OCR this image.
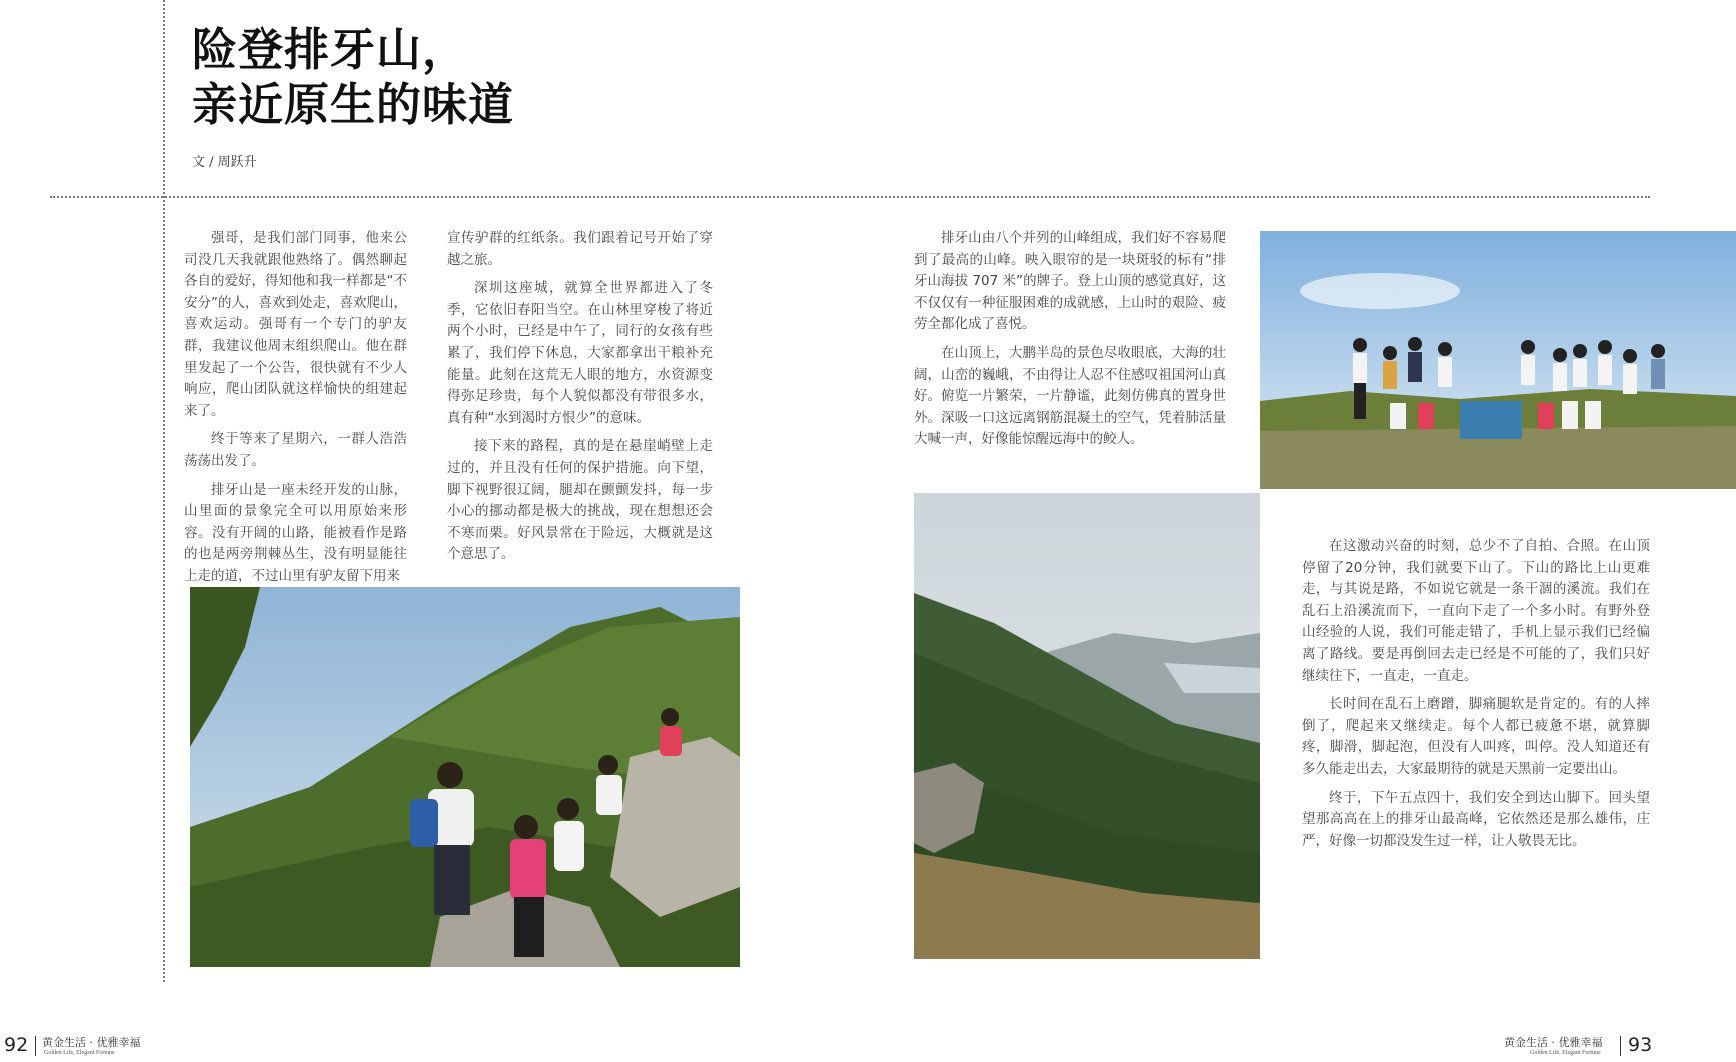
险登排牙山，
亲近原生的味道
文 / 周跃升

强哥，是我们部门同事，他来公司没几天我就跟他熟络了。偶然聊起各自的爱好，得知他和我一样都是“不安分”的人，喜欢到处走，喜欢爬山，喜欢运动。强哥有一个专门的驴友群，我建议他周末组织爬山。他在群里发起了一个公告，很快就有不少人响应，爬山团队就这样愉快的组建起来了。

终于等来了星期六，一群人浩浩荡荡出发了。

排牙山是一座未经开发的山脉，山里面的景象完全可以用原始来形容。没有开阔的山路，能被看作是路的也是两旁荆棘丛生，没有明显能往上走的道，不过山里有驴友留下用来

宣传驴群的红纸条。我们跟着记号开始了穿越之旅。

深圳这座城，就算全世界都进入了冬季，它依旧春阳当空。在山林里穿梭了将近两个小时，已经是中午了，同行的女孩有些累了，我们停下休息，大家都拿出干粮补充能量。此刻在这荒无人眼的地方，水资源变得弥足珍贵，每个人貌似都没有带很多水，真有种“水到渴时方恨少”的意味。

接下来的路程，真的是在悬崖峭壁上走过的，并且没有任何的保护措施。向下望，脚下视野很辽阔，腿却在颤颤发抖，每一步小心的挪动都是极大的挑战，现在想想还会不寒而栗。好风景常在于险远，大概就是这个意思了。

排牙山由八个并列的山峰组成，我们好不容易爬到了最高的山峰。映入眼帘的是一块斑驳的标有“排牙山海拔 707 米”的牌子。登上山顶的感觉真好，这不仅仅有一种征服困难的成就感，上山时的艰险、疲劳全都化成了喜悦。

在山顶上，大鹏半岛的景色尽收眼底，大海的壮阔，山峦的巍峨，不由得让人忍不住感叹祖国河山真好。俯览一片繁荣，一片静谧，此刻仿佛真的置身世外。深吸一口这远离钢筋混凝土的空气，凭着肺活量大喊一声，好像能惊醒远海中的鲛人。

在这激动兴奋的时刻，总少不了自拍、合照。在山顶停留了20分钟，我们就要下山了。下山的路比上山更难走，与其说是路，不如说它就是一条干涸的溪流。我们在乱石上沿溪流而下，一直向下走了一个多小时。有野外登山经验的人说，我们可能走错了，手机上显示我们已经偏离了路线。要是再倒回去走已经是不可能的了，我们只好继续往下，一直走，一直走。

长时间在乱石上磨蹭，脚痛腿软是肯定的。有的人摔倒了，爬起来又继续走。每个人都已疲惫不堪，就算脚疼，脚滑，脚起泡，但没有人叫疼，叫停。没人知道还有多久能走出去，大家最期待的就是天黑前一定要出山。

终于，下午五点四十，我们安全到达山脚下。回头望望那高高在上的排牙山最高峰，它依然还是那么雄伟，庄严，好像一切都没发生过一样，让人敬畏无比。

92 黄金生活 · 优雅幸福
Golden Life, Elegant Fortune
黄金生活 · 优雅幸福
Golden Life, Elegant Fortune 93
